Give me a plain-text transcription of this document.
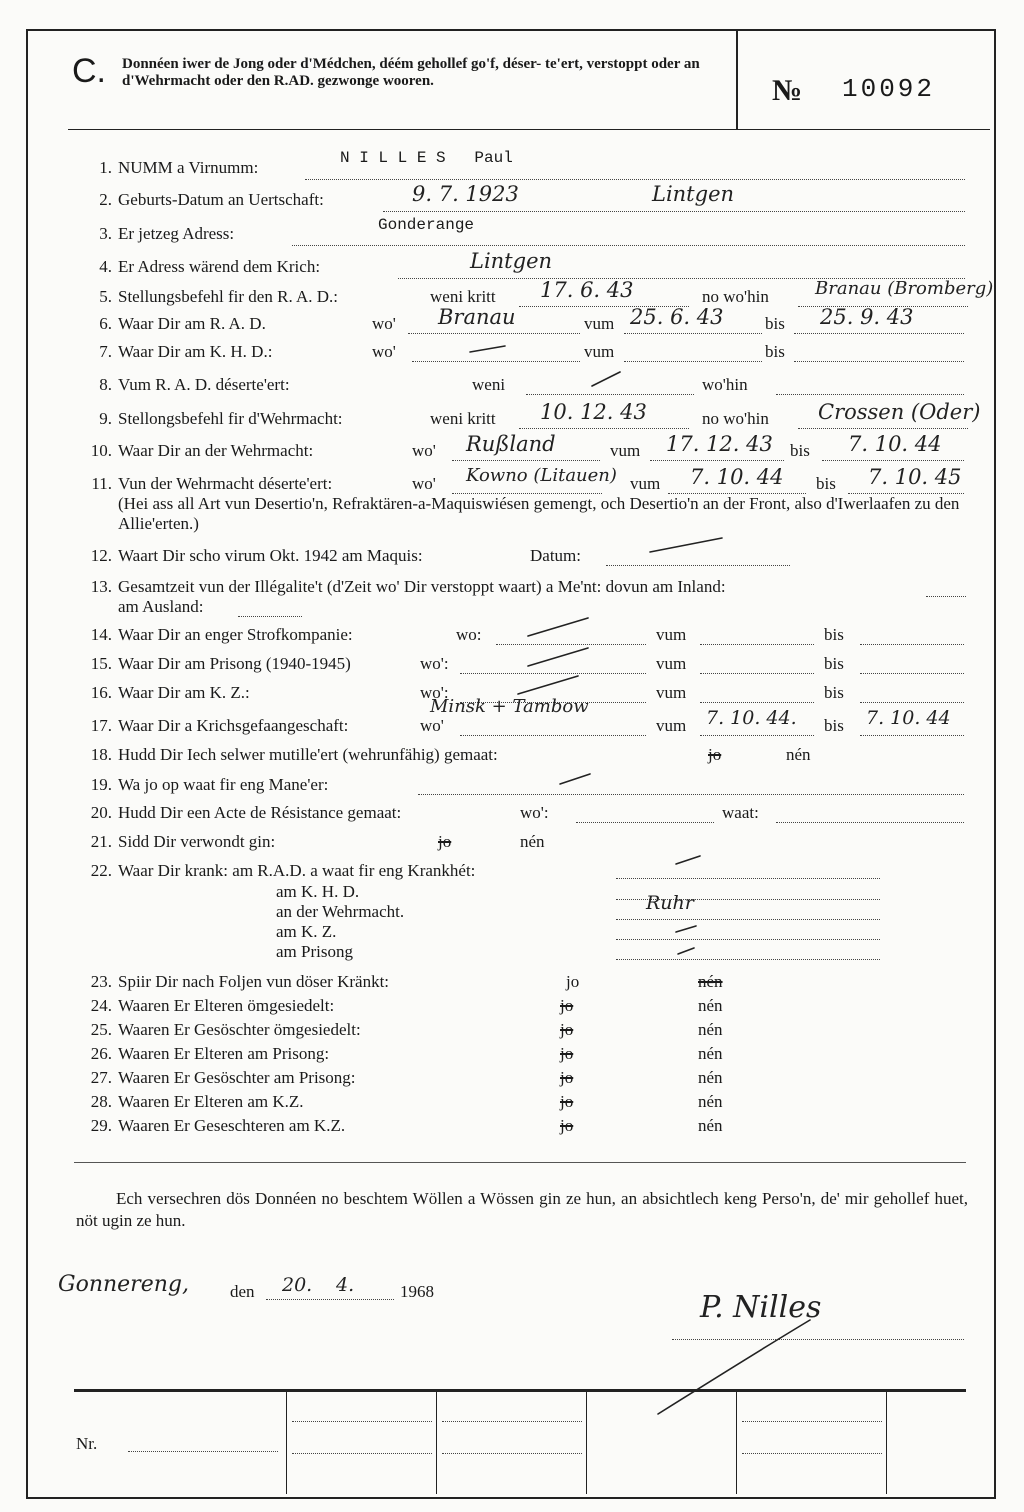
C. Donnéen iwer de Jong oder d'Médchen, déém gehollef go'f, déser- te'ert, verstoppt oder an d'Wehrmacht oder den R.AD. gezwonge wooren.	№ 10092
1. NUMM a Virnumm:	N I L L E S   Paul
2. Geburts-Datum an Uertschaft:	9. 7. 1923	Lintgen
3. Er jetzeg Adress:	Gonderange
4. Er Adress wärend dem Krich:	Lintgen
5. Stellungsbefehl fir den R. A. D.:	weni kritt 17. 6. 43	no wo'hin	Branau (Bromberg)
6. Waar Dir am R. A. D.	wo' Branau	vum 25. 6. 43 bis 25. 9. 43
7. Waar Dir am K. H. D.:	wo'	vum	bis
8. Vum R. A. D. déserte'ert:	weni	wo'hin
9. Stellongsbefehl fir d'Wehrmacht:	weni kritt 10. 12. 43	no wo'hin Crossen (Oder)
10. Waar Dir an der Wehrmacht:	wo' Rußland	vum 17. 12. 43 bis 7. 10. 44
11. Vun der Wehrmacht déserte'ert:	wo' Kowno (Litauen) vum 7. 10. 44 bis 7. 10. 45
(Hei ass all Art vun Desertio'n, Refraktären-a-Maquiswiésen gemengt, och Desertio'n an der Front, also d'Iwerlaafen zu den Allie'erten.)
12. Waart Dir scho virum Okt. 1942 am Maquis:	Datum:
13. Gesamtzeit vun der Illégalite't (d'Zeit wo' Dir verstoppt waart) a Me'nt: dovun am Inland:
am Ausland:
14. Waar Dir an enger Strofkompanie:	wo:	vum	bis
15. Waar Dir am Prisong (1940-1945)	wo':	vum	bis
16. Waar Dir am K. Z.:	wo':	vum	bis
17. Waar Dir a Krichsgefaangeschaft:	wo'
Minsk + Tambow
vum 7. 10. 44. bis 7. 10. 44
18. Hudd Dir Iech selwer mutille'ert (wehrunfähig) gemaat:	jo	nén
19. Wa jo op waat fir eng Mane'er:
20. Hudd Dir een Acte de Résistance gemaat:	wo':	waat:
21. Sidd Dir verwondt gin:	jo	nén
22. Waar Dir krank: am R.A.D. a waat fir eng Krankhét:
am K. H. D.
an der Wehrmacht.	Ruhr
am K. Z.
am Prisong
23. Spiir Dir nach Foljen vun döser Kränkt:	jo	nén
24. Waaren Er Elteren ömgesiedelt:	jo	nén
25. Waaren Er Gesöschter ömgesiedelt:	jo	nén
26. Waaren Er Elteren am Prisong:	jo	nén
27. Waaren Er Gesöschter am Prisong:	jo	nén
28. Waaren Er Elteren am K.Z.	jo	nén
29. Waaren Er Geseschteren am K.Z.	jo	nén
Ech versechren dös Donnéen no beschtem Wöllen a Wössen gin ze hun, an absichtlech keng Perso'n, de' mir gehollef huet, nöt ugin ze hun.
Gonnereng, den 20. 4.	1968	P. Nilles
Nr.
